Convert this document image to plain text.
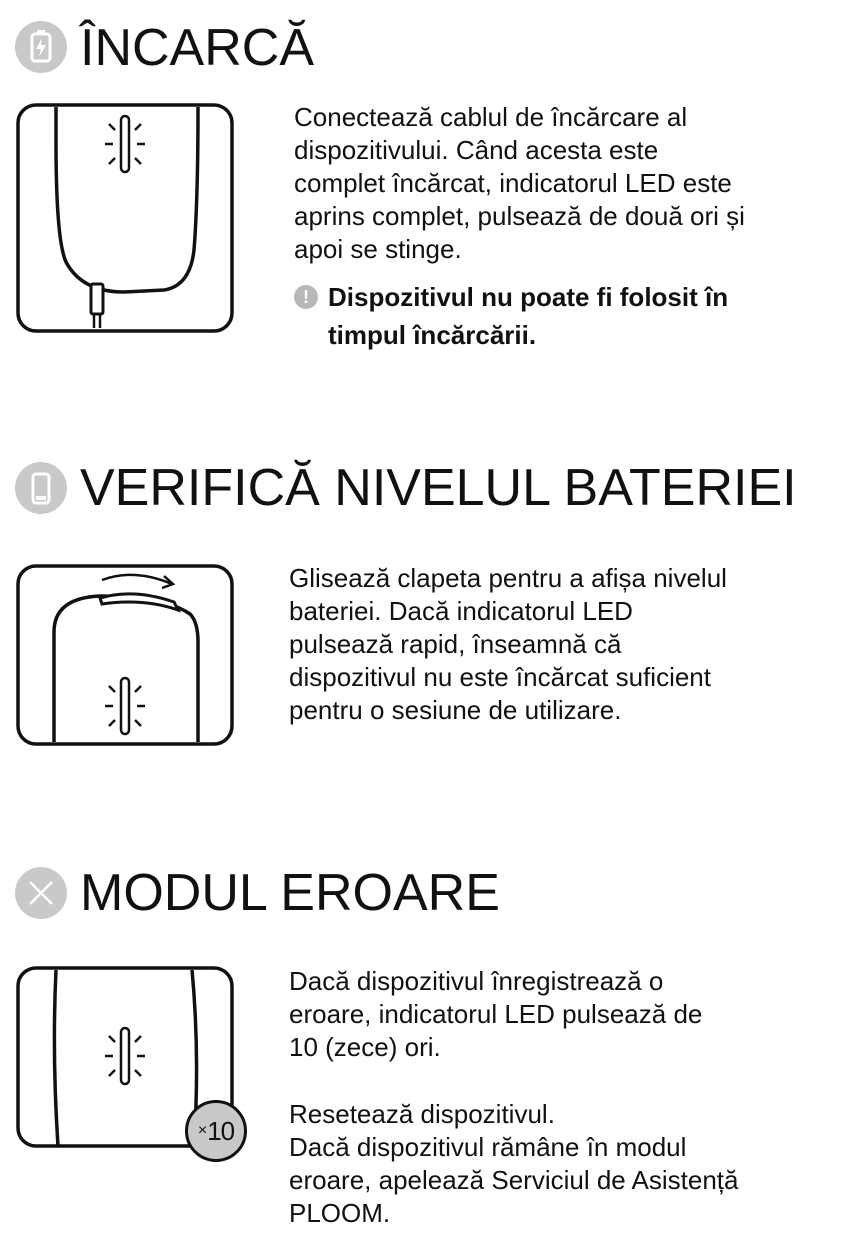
ÎNCARCĂ

Conectează cablul de încărcare al
dispozitivului. Când acesta este
complet încărcat, indicatorul LED este
aprins complet, pulsează de două ori și
apoi se stinge.

! Dispozitivul nu poate fi folosit în
timpul încărcării.

VERIFICĂ NIVELUL BATERIEI

Glisează clapeta pentru a afișa nivelul
bateriei. Dacă indicatorul LED
pulsează rapid, înseamnă că
dispozitivul nu este încărcat suficient
pentru o sesiune de utilizare.

MODUL EROARE
×10

Dacă dispozitivul înregistrează o
eroare, indicatorul LED pulsează de
10 (zece) ori.

Resetează dispozitivul.
Dacă dispozitivul rămâne în modul
eroare, apelează Serviciul de Asistență
PLOOM.
